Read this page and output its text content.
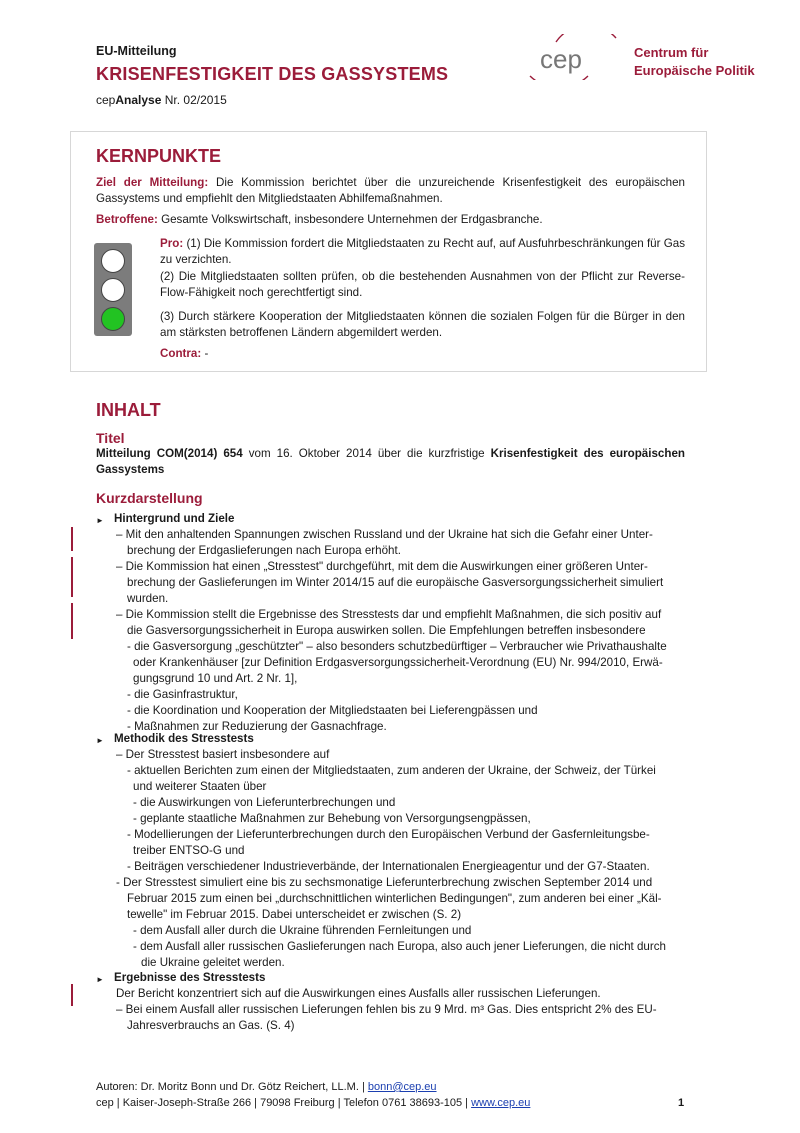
EU-Mitteilung
KRISENFESTIGKEIT DES GASSYSTEMS
cepAnalyse Nr. 02/2015
cep	Centrum für
Europäische Politik
KERNPUNKTE
Ziel der Mitteilung: Die Kommission berichtet über die unzureichende Krisenfestigkeit des europäischen Gassystems und empfiehlt den Mitgliedstaaten Abhilfemaßnahmen.
Betroffene: Gesamte Volkswirtschaft, insbesondere Unternehmen der Erdgasbranche.
Pro: (1) Die Kommission fordert die Mitgliedstaaten zu Recht auf, auf Ausfuhrbeschränkungen für Gas zu verzichten.
(2) Die Mitgliedstaaten sollten prüfen, ob die bestehenden Ausnahmen von der Pflicht zur Reverse-Flow-Fähigkeit noch gerechtfertigt sind.
(3) Durch stärkere Kooperation der Mitgliedstaaten können die sozialen Folgen für die Bürger in den am stärksten betroffenen Ländern abgemildert werden.
Contra: -
INHALT
Titel
Mitteilung COM(2014) 654 vom 16. Oktober 2014 über die kurzfristige Krisenfestigkeit des europäischen Gassystems
Kurzdarstellung
► Hintergrund und Ziele
– Mit den anhaltenden Spannungen zwischen Russland und der Ukraine hat sich die Gefahr einer Unter-
brechung der Erdgaslieferungen nach Europa erhöht.
– Die Kommission hat einen „Stresstest" durchgeführt, mit dem die Auswirkungen einer größeren Unter-
brechung der Gaslieferungen im Winter 2014/15 auf die europäische Gasversorgungssicherheit simuliert
wurden.
– Die Kommission stellt die Ergebnisse des Stresstests dar und empfiehlt Maßnahmen, die sich positiv auf
die Gasversorgungssicherheit in Europa auswirken sollen. Die Empfehlungen betreffen insbesondere
- die Gasversorgung „geschützter" – also besonders schutzbedürftiger – Verbraucher wie Privathaushalte
oder Krankenhäuser [zur Definition Erdgasversorgungssicherheit-Verordnung (EU) Nr. 994/2010, Erwä-
gungsgrund 10 und Art. 2 Nr. 1],
- die Gasinfrastruktur,
- die Koordination und Kooperation der Mitgliedstaaten bei Lieferengpässen und
- Maßnahmen zur Reduzierung der Gasnachfrage.
► Methodik des Stresstests
– Der Stresstest basiert insbesondere auf
- aktuellen Berichten zum einen der Mitgliedstaaten, zum anderen der Ukraine, der Schweiz, der Türkei
und weiterer Staaten über
- die Auswirkungen von Lieferunterbrechungen und
- geplante staatliche Maßnahmen zur Behebung von Versorgungsengpässen,
- Modellierungen der Lieferunterbrechungen durch den Europäischen Verbund der Gasfernleitungsbe-
treiber ENTSO-G und
- Beiträgen verschiedener Industrieverbände, der Internationalen Energieagentur und der G7-Staaten.
- Der Stresstest simuliert eine bis zu sechsmonatige Lieferunterbrechung zwischen September 2014 und
Februar 2015 zum einen bei „durchschnittlichen winterlichen Bedingungen", zum anderen bei einer „Käl-
tewelle" im Februar 2015. Dabei unterscheidet er zwischen (S. 2)
- dem Ausfall aller durch die Ukraine führenden Fernleitungen und
- dem Ausfall aller russischen Gaslieferungen nach Europa, also auch jener Lieferungen, die nicht durch
die Ukraine geleitet werden.
► Ergebnisse des Stresstests
Der Bericht konzentriert sich auf die Auswirkungen eines Ausfalls aller russischen Lieferungen.
– Bei einem Ausfall aller russischen Lieferungen fehlen bis zu 9 Mrd. m³ Gas. Dies entspricht 2% des EU-
Jahresverbrauchs an Gas. (S. 4)
Autoren: Dr. Moritz Bonn und Dr. Götz Reichert, LL.M. | bonn@cep.eu
cep | Kaiser-Joseph-Straße 266 | 79098 Freiburg | Telefon 0761 38693-105 | www.cep.eu	1
